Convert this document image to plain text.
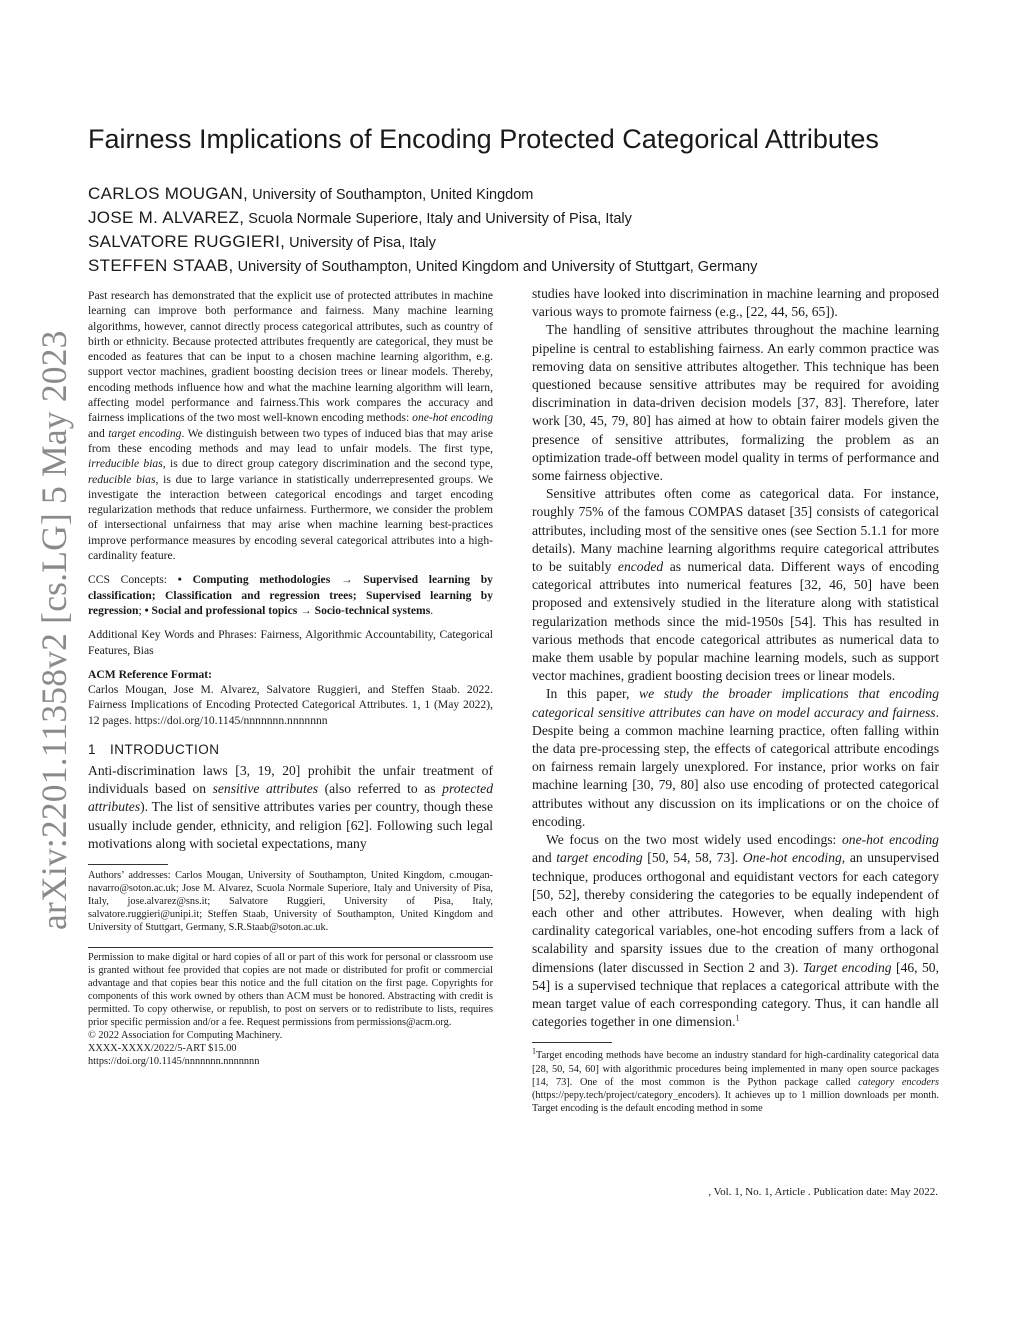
arXiv:2201.11358v2 [cs.LG] 5 May 2023
Fairness Implications of Encoding Protected Categorical Attributes
CARLOS MOUGAN, University of Southampton, United Kingdom
JOSE M. ALVAREZ, Scuola Normale Superiore, Italy and University of Pisa, Italy
SALVATORE RUGGIERI, University of Pisa, Italy
STEFFEN STAAB, University of Southampton, United Kingdom and University of Stuttgart, Germany

Past research has demonstrated that the explicit use of protected attributes in machine learning can improve both performance and fairness. Many machine learning algorithms, however, cannot directly process categorical attributes, such as country of birth or ethnicity. Because protected attributes frequently are categorical, they must be encoded as features that can be input to a chosen machine learning algorithm, e.g. support vector machines, gradient boosting decision trees or linear models. Thereby, encoding methods influence how and what the machine learning algorithm will learn, affecting model performance and fairness.This work compares the accuracy and fairness implications of the two most well-known encoding methods: one-hot encoding and target encoding. We distinguish between two types of induced bias that may arise from these encoding methods and may lead to unfair models. The first type, irreducible bias, is due to direct group category discrimination and the second type, reducible bias, is due to large variance in statistically underrepresented groups. We investigate the interaction between categorical encodings and target encoding regularization methods that reduce unfairness. Furthermore, we consider the problem of intersectional unfairness that may arise when machine learning best-practices improve performance measures by encoding several categorical attributes into a high-cardinality feature.

CCS Concepts: • Computing methodologies → Supervised learning by classification; Classification and regression trees; Supervised learning by regression; • Social and professional topics → Socio-technical systems.

Additional Key Words and Phrases: Fairness, Algorithmic Accountability, Categorical Features, Bias

ACM Reference Format:

Carlos Mougan, Jose M. Alvarez, Salvatore Ruggieri, and Steffen Staab. 2022. Fairness Implications of Encoding Protected Categorical Attributes. 1, 1 (May 2022), 12 pages. https://doi.org/10.1145/nnnnnnn.nnnnnnn

1 INTRODUCTION

Anti-discrimination laws [3, 19, 20] prohibit the unfair treatment of individuals based on sensitive attributes (also referred to as protected attributes). The list of sensitive attributes varies per country, though these usually include gender, ethnicity, and religion [62]. Following such legal motivations along with societal expectations, many

Authors’ addresses: Carlos Mougan, University of Southampton, United Kingdom, c.mougan-navarro@soton.ac.uk; Jose M. Alvarez, Scuola Normale Superiore, Italy and University of Pisa, Italy, jose.alvarez@sns.it; Salvatore Ruggieri, University of Pisa, Italy, salvatore.ruggieri@unipi.it; Steffen Staab, University of Southampton, United Kingdom and University of Stuttgart, Germany, S.R.Staab@soton.ac.uk.

Permission to make digital or hard copies of all or part of this work for personal or classroom use is granted without fee provided that copies are not made or distributed for profit or commercial advantage and that copies bear this notice and the full citation on the first page. Copyrights for components of this work owned by others than ACM must be honored. Abstracting with credit is permitted. To copy otherwise, or republish, to post on servers or to redistribute to lists, requires prior specific permission and/or a fee. Request permissions from permissions@acm.org.

© 2022 Association for Computing Machinery.

XXXX-XXXX/2022/5-ART $15.00

https://doi.org/10.1145/nnnnnnn.nnnnnnn

studies have looked into discrimination in machine learning and proposed various ways to promote fairness (e.g., [22, 44, 56, 65]).

The handling of sensitive attributes throughout the machine learning pipeline is central to establishing fairness. An early common practice was removing data on sensitive attributes altogether. This technique has been questioned because sensitive attributes may be required for avoiding discrimination in data-driven decision models [37, 83]. Therefore, later work [30, 45, 79, 80] has aimed at how to obtain fairer models given the presence of sensitive attributes, formalizing the problem as an optimization trade-off between model quality in terms of performance and some fairness objective.

Sensitive attributes often come as categorical data. For instance, roughly 75% of the famous COMPAS dataset [35] consists of categorical attributes, including most of the sensitive ones (see Section 5.1.1 for more details). Many machine learning algorithms require categorical attributes to be suitably encoded as numerical data. Different ways of encoding categorical attributes into numerical features [32, 46, 50] have been proposed and extensively studied in the literature along with statistical regularization methods since the mid-1950s [54]. This has resulted in various methods that encode categorical attributes as numerical data to make them usable by popular machine learning models, such as support vector machines, gradient boosting decision trees or linear models.

In this paper, we study the broader implications that encoding categorical sensitive attributes can have on model accuracy and fairness. Despite being a common machine learning practice, often falling within the data pre-processing step, the effects of categorical attribute encodings on fairness remain largely unexplored. For instance, prior works on fair machine learning [30, 79, 80] also use encoding of protected categorical attributes without any discussion on its implications or on the choice of encoding.

We focus on the two most widely used encodings: one-hot encoding and target encoding [50, 54, 58, 73]. One-hot encoding, an unsupervised technique, produces orthogonal and equidistant vectors for each category [50, 52], thereby considering the categories to be equally independent of each other and other attributes. However, when dealing with high cardinality categorical variables, one-hot encoding suffers from a lack of scalability and sparsity issues due to the creation of many orthogonal dimensions (later discussed in Section 2 and 3). Target encoding [46, 50, 54] is a supervised technique that replaces a categorical attribute with the mean target value of each corresponding category. Thus, it can handle all categories together in one dimension.$^1$

$^1$Target encoding methods have become an industry standard for high-cardinality categorical data [28, 50, 54, 60] with algorithmic procedures being implemented in many open source packages [14, 73]. One of the most common is the Python package called category encoders (https://pepy.tech/project/category_encoders). It achieves up to 1 million downloads per month. Target encoding is the default encoding method in some

, Vol. 1, No. 1, Article . Publication date: May 2022.
